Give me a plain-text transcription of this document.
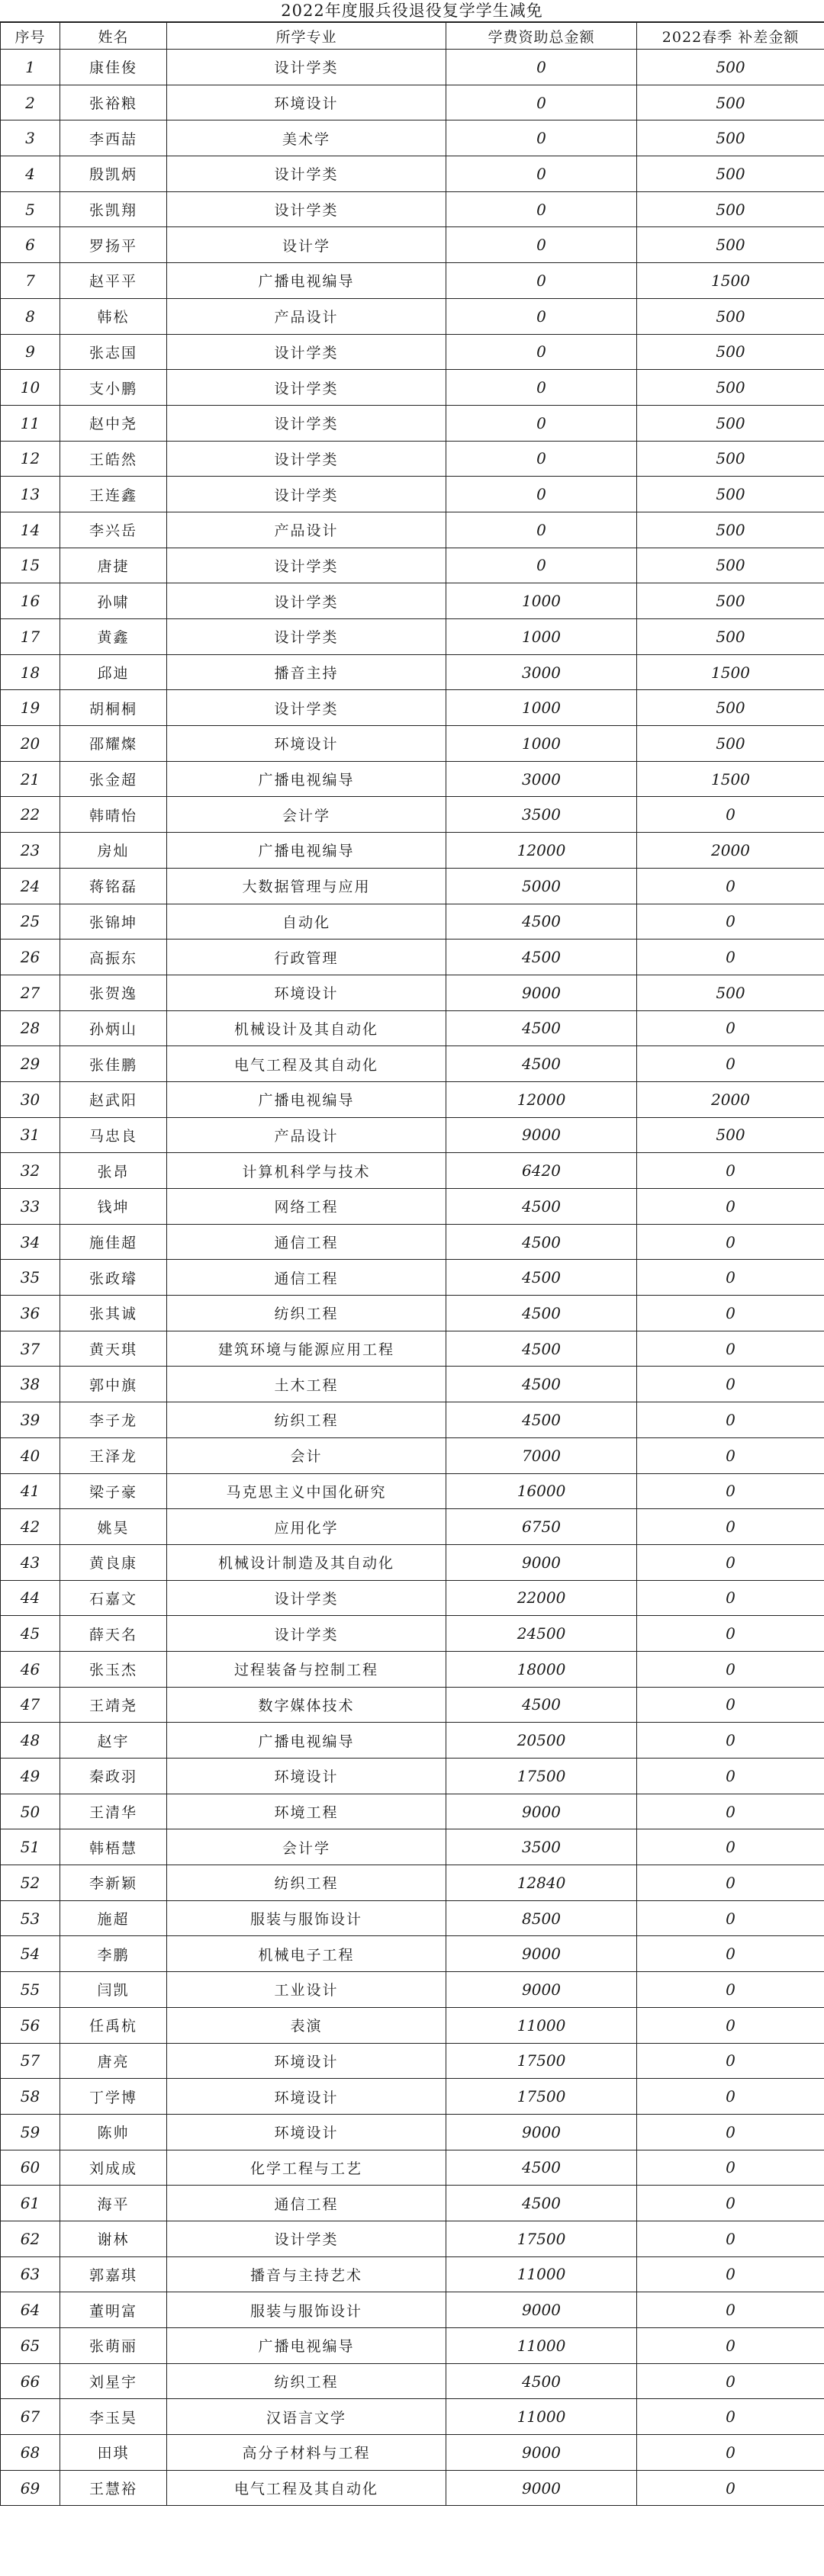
2022年度服兵役退役复学学生减免
序号	姓名	所学专业	学费资助总金额	2022春季 补差金额
1	康佳俊	设计学类	0	500
2	张裕粮	环境设计	0	500
3	李西喆	美术学	0	500
4	殷凯炳	设计学类	0	500
5	张凯翔	设计学类	0	500
6	罗扬平	设计学	0	500
7	赵平平	广播电视编导	0	1500
8	韩松	产品设计	0	500
9	张志国	设计学类	0	500
10	支小鹏	设计学类	0	500
11	赵中尧	设计学类	0	500
12	王皓然	设计学类	0	500
13	王连鑫	设计学类	0	500
14	李兴岳	产品设计	0	500
15	唐捷	设计学类	0	500
16	孙啸	设计学类	1000	500
17	黄鑫	设计学类	1000	500
18	邱迪	播音主持	3000	1500
19	胡桐桐	设计学类	1000	500
20	邵耀燦	环境设计	1000	500
21	张金超	广播电视编导	3000	1500
22	韩晴怡	会计学	3500	0
23	房灿	广播电视编导	12000	2000
24	蒋铭磊	大数据管理与应用	5000	0
25	张锦坤	自动化	4500	0
26	高振东	行政管理	4500	0
27	张贺逸	环境设计	9000	500
28	孙炳山	机械设计及其自动化	4500	0
29	张佳鹏	电气工程及其自动化	4500	0
30	赵武阳	广播电视编导	12000	2000
31	马忠良	产品设计	9000	500
32	张昂	计算机科学与技术	6420	0
33	钱坤	网络工程	4500	0
34	施佳超	通信工程	4500	0
35	张政璿	通信工程	4500	0
36	张其诚	纺织工程	4500	0
37	黄天琪	建筑环境与能源应用工程	4500	0
38	郭中旗	土木工程	4500	0
39	李子龙	纺织工程	4500	0
40	王泽龙	会计	7000	0
41	梁子豪	马克思主义中国化研究	16000	0
42	姚昊	应用化学	6750	0
43	黄良康	机械设计制造及其自动化	9000	0
44	石嘉文	设计学类	22000	0
45	薛天名	设计学类	24500	0
46	张玉杰	过程装备与控制工程	18000	0
47	王靖尧	数字媒体技术	4500	0
48	赵宇	广播电视编导	20500	0
49	秦政羽	环境设计	17500	0
50	王清华	环境工程	9000	0
51	韩梧慧	会计学	3500	0
52	李新颖	纺织工程	12840	0
53	施超	服装与服饰设计	8500	0
54	李鹏	机械电子工程	9000	0
55	闫凯	工业设计	9000	0
56	任禹杭	表演	11000	0
57	唐亮	环境设计	17500	0
58	丁学博	环境设计	17500	0
59	陈帅	环境设计	9000	0
60	刘成成	化学工程与工艺	4500	0
61	海平	通信工程	4500	0
62	谢林	设计学类	17500	0
63	郭嘉琪	播音与主持艺术	11000	0
64	董明富	服装与服饰设计	9000	0
65	张萌丽	广播电视编导	11000	0
66	刘星宇	纺织工程	4500	0
67	李玉昊	汉语言文学	11000	0
68	田琪	高分子材料与工程	9000	0
69	王慧裕	电气工程及其自动化	9000	0
